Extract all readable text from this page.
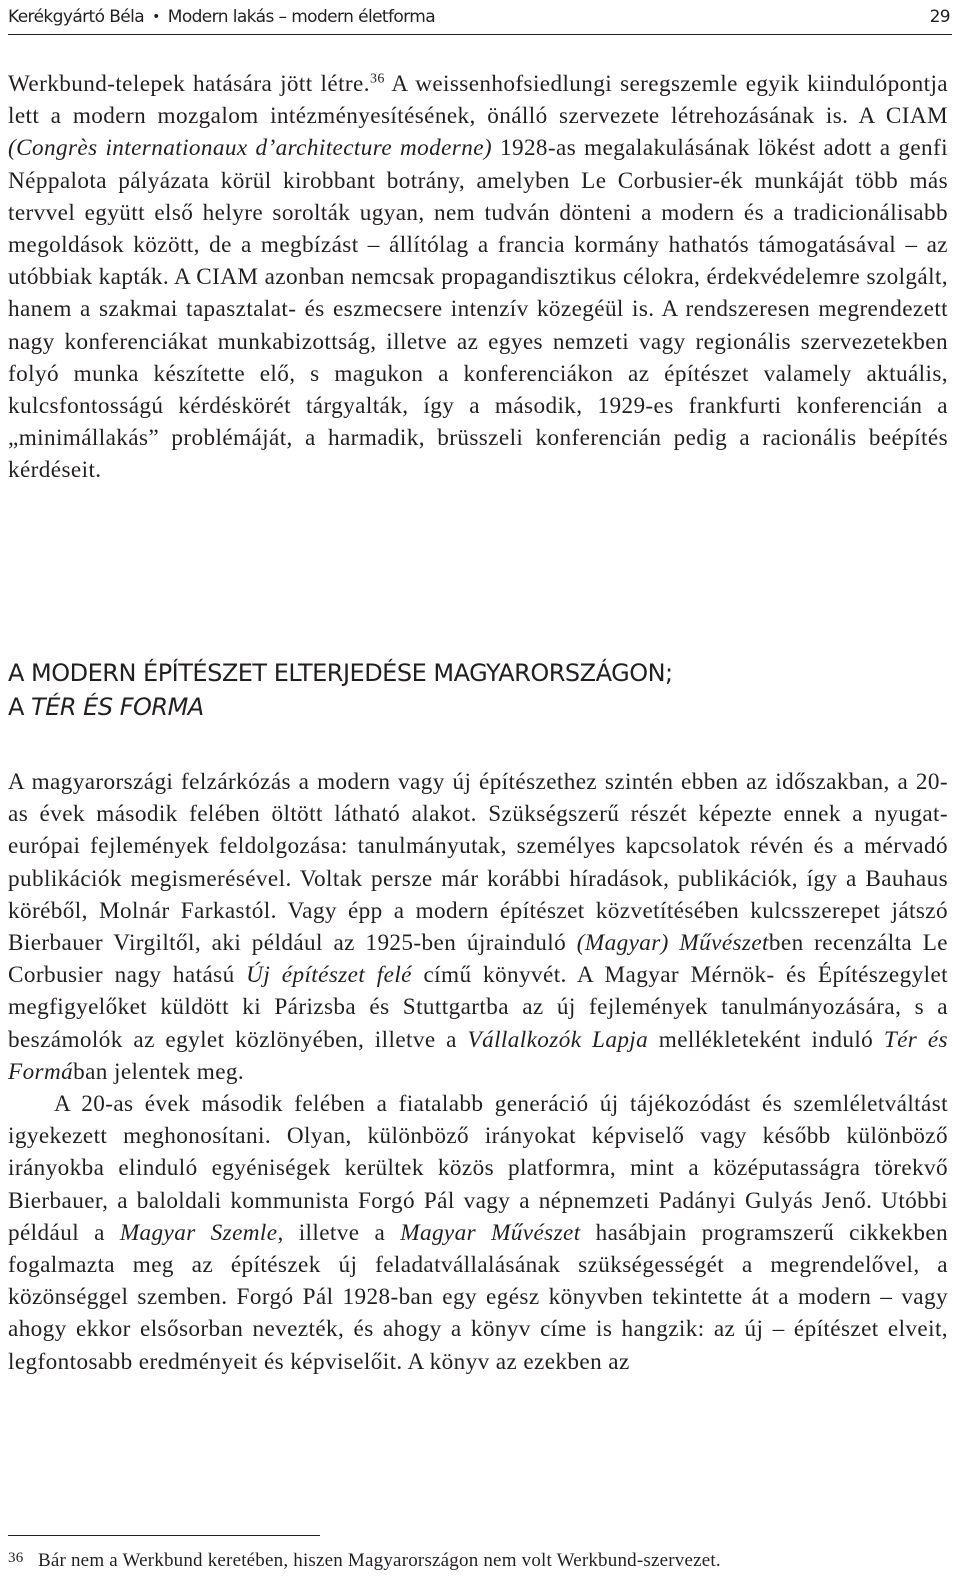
Kerékgyártó Béla • Modern lakás – modern életforma	29

Werkbund-telepek hatására jött létre.$^{36}$ A weissenhofsiedlungi seregszemle egyik kiindulópontja lett a modern mozgalom intézményesítésének, önálló szervezete létrehozásának is. A CIAM (Congrès internationaux d’architecture moderne) 1928-as megalakulásának lökést adott a genfi Néppalota pályázata körül kirobbant botrány, amelyben Le Corbusier-ék munkáját több más tervvel együtt első helyre sorolták ugyan, nem tudván dönteni a modern és a tradicionálisabb megoldások között, de a megbízást – állítólag a francia kormány hathatós támogatásával – az utóbbiak kapták. A CIAM azonban nemcsak propagandisztikus célokra, érdekvédelemre szolgált, hanem a szakmai tapasztalat- és eszmecsere intenzív közegéül is. A rendszeresen megrendezett nagy konferenciákat munkabizottság, illetve az egyes nemzeti vagy regionális szervezetekben folyó munka készítette elő, s magukon a konferenciákon az építészet valamely aktuális, kulcsfontosságú kérdéskörét tárgyalták, így a második, 1929-es frankfurti konferencián a „minimállakás” problémáját, a harmadik, brüsszeli konferencián pedig a racionális beépítés kérdéseit.

A MODERN ÉPÍTÉSZET ELTERJEDÉSE MAGYARORSZÁGON;
A TÉR ÉS FORMA

A magyarországi felzárkózás a modern vagy új építészethez szintén ebben az időszakban, a 20-as évek második felében öltött látható alakot. Szükségszerű részét képezte ennek a nyugat-európai fejlemények feldolgozása: tanulmányutak, személyes kapcsolatok révén és a mérvadó publikációk megismerésével. Voltak persze már korábbi híradások, publikációk, így a Bauhaus köréből, Molnár Farkastól. Vagy épp a modern építészet közvetítésében kulcsszerepet játszó Bierbauer Virgiltől, aki például az 1925-ben újrainduló (Magyar) Művészetben recenzálta Le Corbusier nagy hatású Új építészet felé című könyvét. A Magyar Mérnök- és Építészegylet megfigyelőket küldött ki Párizsba és Stuttgartba az új fejlemények tanulmányozására, s a beszámolók az egylet közlönyében, illetve a Vállalkozók Lapja mellékleteként induló Tér és Formában jelentek meg.

A 20-as évek második felében a fiatalabb generáció új tájékozódást és szemléletváltást igyekezett meghonosítani. Olyan, különböző irányokat képviselő vagy később különböző irányokba elinduló egyéniségek kerültek közös platformra, mint a középutasságra törekvő Bierbauer, a baloldali kommunista Forgó Pál vagy a népnemzeti Padányi Gulyás Jenő. Utóbbi például a Magyar Szemle, illetve a Magyar Művészet hasábjain programszerű cikkekben fogalmazta meg az építészek új feladatvállalásának szükségességét a megrendelővel, a közönséggel szemben. Forgó Pál 1928-ban egy egész könyvben tekintette át a modern – vagy ahogy ekkor elsősorban nevezték, és ahogy a könyv címe is hangzik: az új – építészet elveit, legfontosabb eredményeit és képviselőit. A könyv az ezekben az

36 Bár nem a Werkbund keretében, hiszen Magyarországon nem volt Werkbund-szervezet.
